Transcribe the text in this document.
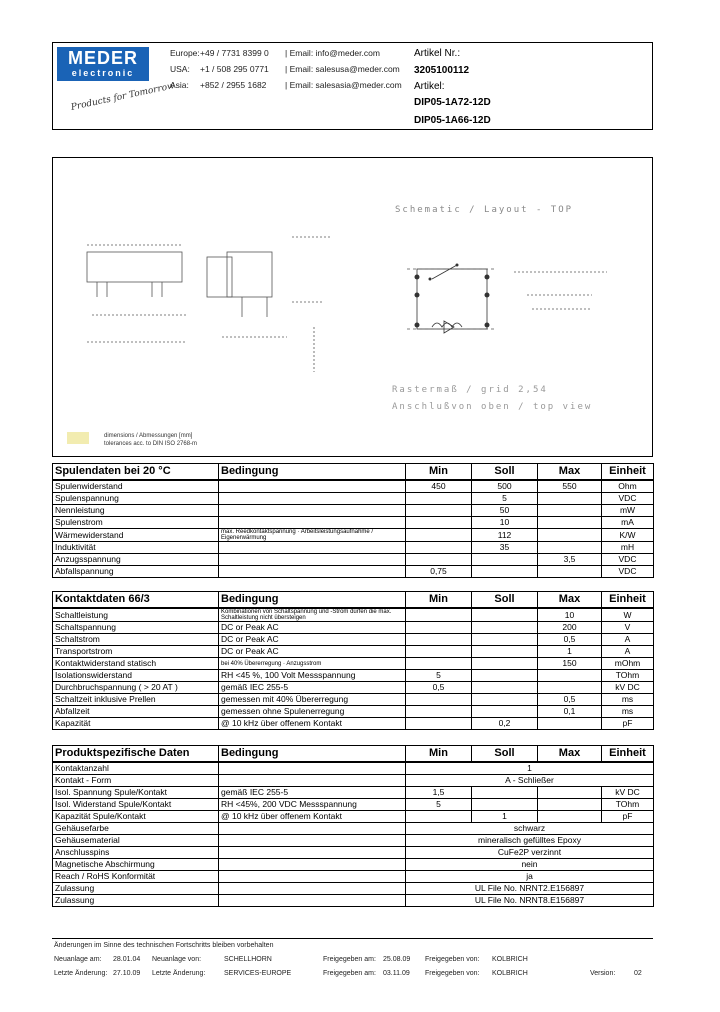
MEDER
electronic
Products for Tomorrow
Europe: +49 / 7731 8399 0 | Email: info@meder.com
USA: +1 / 508 295 0771 | Email: salesusa@meder.com
Asia: +852 / 2955 1682 | Email: salesasia@meder.com
Artikel Nr.:
3205100112
Artikel:
DIP05-1A72-12D
DIP05-1A66-12D
Schematic / Layout - TOP
Rastermaß / grid 2,54
Anschlußvon oben / top view
dimensions / Abmessungen [mm]
tolerances acc. to DIN ISO 2768-m
Spulendaten bei 20 °C	Bedingung	Min	Soll	Max	Einheit
Spulenwiderstand		450	500	550	Ohm
Spulenspannung			5		VDC
Nennleistung			50		mW
Spulenstrom			10		mA
Wärmewiderstand	max. Reedkontaktspannung · Arbeitsleistungsaufnahme / Eigenerwärmung		112		K/W
Induktivität			35		mH
Anzugsspannung				3,5	VDC
Abfallspannung		0,75			VDC
Kontaktdaten 66/3	Bedingung	Min	Soll	Max	Einheit
Schaltleistung	Kombinationen von Schaltspannung und -Strom dürfen die max. Schaltleistung nicht übersteigen			10	W
Schaltspannung	DC or Peak AC			200	V
Schaltstrom	DC or Peak AC			0,5	A
Transportstrom	DC or Peak AC			1	A
Kontaktwiderstand statisch	bei 40% Übererregung · Anzugsstrom			150	mOhm
Isolationswiderstand	RH <45 %, 100 Volt Messspannung	5			TOhm
Durchbruchspannung ( > 20 AT )	gemäß IEC 255-5	0,5			kV DC
Schaltzeit inklusive Prellen	gemessen mit 40% Übererregung			0,5	ms
Abfallzeit	gemessen ohne Spulenerregung			0,1	ms
Kapazität	@ 10 kHz über offenem Kontakt		0,2		pF
Produktspezifische Daten	Bedingung	Min	Soll	Max	Einheit
Kontaktanzahl		1			
Kontakt - Form		A - Schließer			
Isol. Spannung Spule/Kontakt	gemäß IEC 255-5	1,5			kV DC
Isol. Widerstand Spule/Kontakt	RH <45%, 200 VDC Messspannung	5			TOhm
Kapazität Spule/Kontakt	@ 10 kHz über offenem Kontakt		1		pF
Gehäusefarbe		schwarz			
Gehäusematerial		mineralisch gefülltes Epoxy			
Anschlusspins		CuFe2P verzinnt			
Magnetische Abschirmung		nein			
Reach / RoHS Konformität		ja			
Zulassung		UL File No. NRNT2.E156897			
Zulassung		UL File No. NRNT8.E156897			
Änderungen im Sinne des technischen Fortschritts bleiben vorbehalten
Neuanlage am: 28.01.04 Neuanlage von:	SCHELLHORN	Freigegeben am: 25.08.09 Freigegeben von: KOLBRICH
Letzte Änderung: 27.10.09 Letzte Änderung:	SERVICES-EUROPE	Freigegeben am: 03.11.09 Freigegeben von: KOLBRICH	Version:	02
